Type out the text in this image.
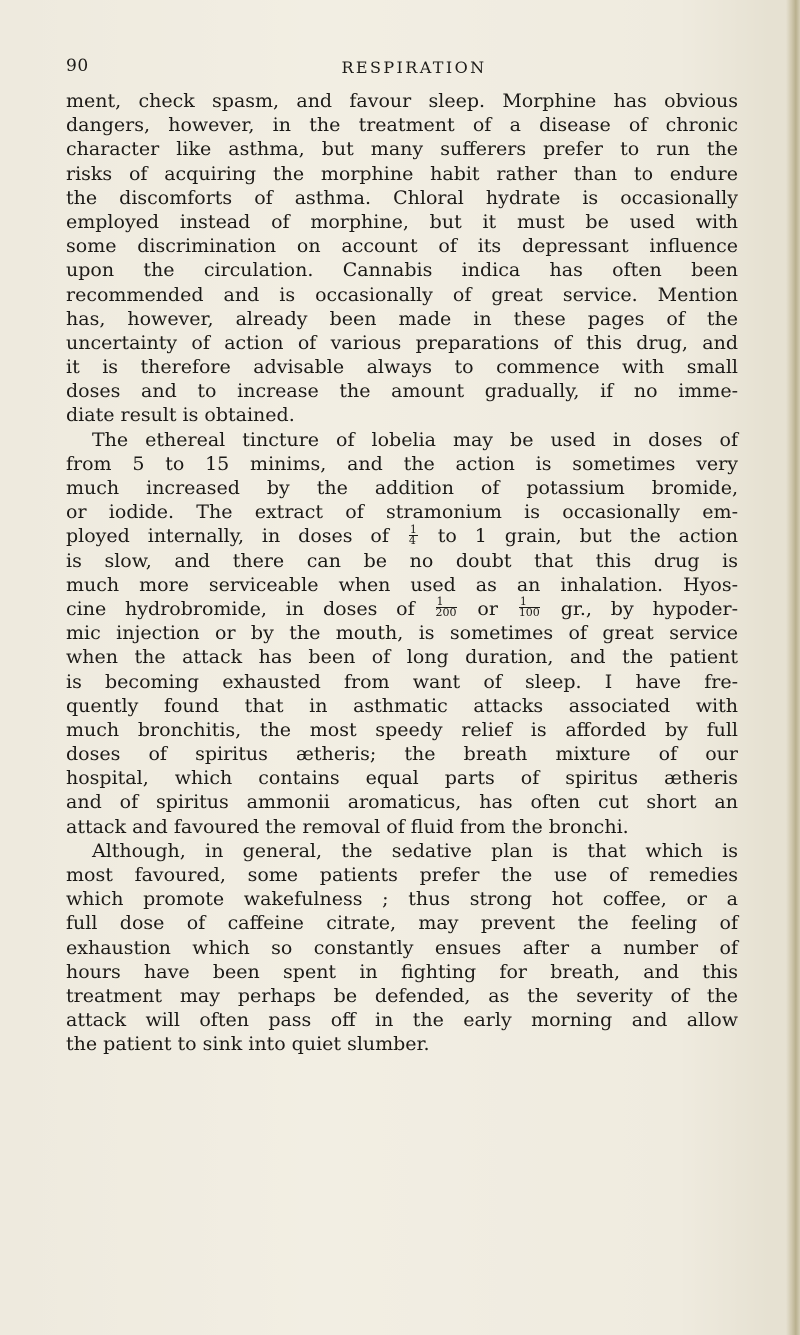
90	RESPIRATION
ment, check spasm, and favour sleep. Morphine has obvious
dangers, however, in the treatment of a disease of chronic
character like asthma, but many sufferers prefer to run the
risks of acquiring the morphine habit rather than to endure
the discomforts of asthma. Chloral hydrate is occasionally
employed instead of morphine, but it must be used with
some discrimination on account of its depressant influence
upon the circulation. Cannabis indica has often been
recommended and is occasionally of great service. Mention
has, however, already been made in these pages of the
uncertainty of action of various preparations of this drug, and
it is therefore advisable always to commence with small
doses and to increase the amount gradually, if no imme-
diate result is obtained.
The ethereal tincture of lobelia may be used in doses of
from 5 to 15 minims, and the action is sometimes very
much increased by the addition of potassium bromide,
or iodide. The extract of stramonium is occasionally em-
ployed internally, in doses of $\frac{1}{4}$ to 1 grain, but the action
is slow, and there can be no doubt that this drug is
much more serviceable when used as an inhalation. Hyos-
cine hydrobromide, in doses of $\frac{1}{200}$ or $\frac{1}{100}$ gr., by hypoder-
mic injection or by the mouth, is sometimes of great service
when the attack has been of long duration, and the patient
is becoming exhausted from want of sleep. I have fre-
quently found that in asthmatic attacks associated with
much bronchitis, the most speedy relief is afforded by full
doses of spiritus ætheris; the breath mixture of our
hospital, which contains equal parts of spiritus ætheris
and of spiritus ammonii aromaticus, has often cut short an
attack and favoured the removal of fluid from the bronchi.
Although, in general, the sedative plan is that which is
most favoured, some patients prefer the use of remedies
which promote wakefulness ; thus strong hot coffee, or a
full dose of caffeine citrate, may prevent the feeling of
exhaustion which so constantly ensues after a number of
hours have been spent in fighting for breath, and this
treatment may perhaps be defended, as the severity of the
attack will often pass off in the early morning and allow
the patient to sink into quiet slumber.
